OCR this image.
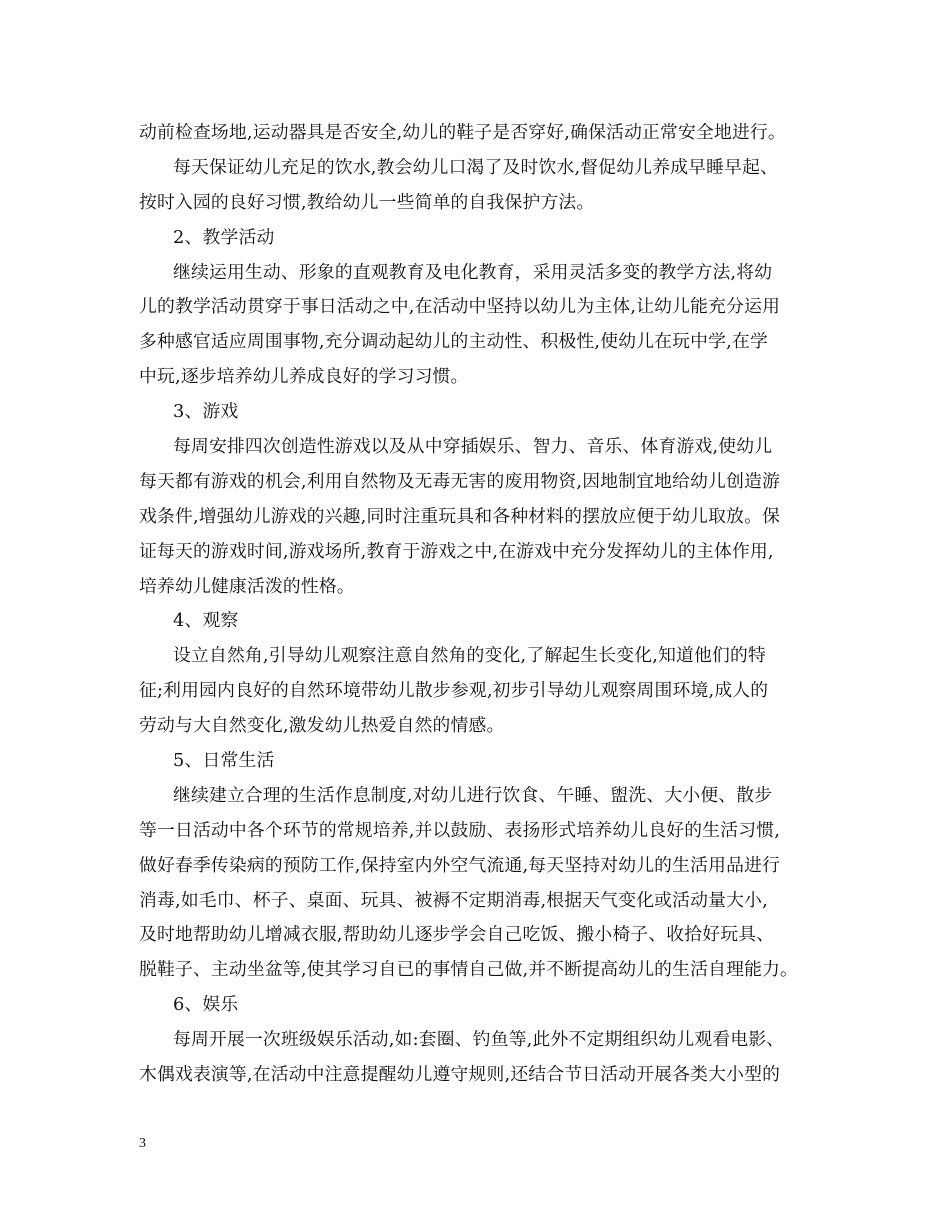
动前检查场地,运动器具是否安全,幼儿的鞋子是否穿好,确保活动正常安全地进行。
每天保证幼儿充足的饮水,教会幼儿口渴了及时饮水,督促幼儿养成早睡早起、
按时入园的良好习惯,教给幼儿一些简单的自我保护方法。
2、教学活动
继续运用生动、形象的直观教育及电化教育，采用灵活多变的教学方法,将幼
儿的教学活动贯穿于事日活动之中,在活动中坚持以幼儿为主体,让幼儿能充分运用
多种感官适应周围事物,充分调动起幼儿的主动性、积极性,使幼儿在玩中学,在学
中玩,逐步培养幼儿养成良好的学习习惯。
3、游戏
每周安排四次创造性游戏以及从中穿插娱乐、智力、音乐、体育游戏,使幼儿
每天都有游戏的机会,利用自然物及无毒无害的废用物资,因地制宜地给幼儿创造游
戏条件,增强幼儿游戏的兴趣,同时注重玩具和各种材料的摆放应便于幼儿取放。保
证每天的游戏时间,游戏场所,教育于游戏之中,在游戏中充分发挥幼儿的主体作用,
培养幼儿健康活泼的性格。
4、观察
设立自然角,引导幼儿观察注意自然角的变化,了解起生长变化,知道他们的特
征;利用园内良好的自然环境带幼儿散步参观,初步引导幼儿观察周围环境,成人的
劳动与大自然变化,激发幼儿热爱自然的情感。
5、日常生活
继续建立合理的生活作息制度,对幼儿进行饮食、午睡、盥洗、大小便、散步
等一日活动中各个环节的常规培养,并以鼓励、表扬形式培养幼儿良好的生活习惯,
做好春季传染病的预防工作,保持室内外空气流通,每天坚持对幼儿的生活用品进行
消毒,如毛巾、杯子、桌面、玩具、被褥不定期消毒,根据天气变化或活动量大小,
及时地帮助幼儿增减衣服,帮助幼儿逐步学会自己吃饭、搬小椅子、收拾好玩具、
脱鞋子、主动坐盆等,使其学习自已的事情自己做,并不断提高幼儿的生活自理能力。
6、娱乐
每周开展一次班级娱乐活动,如:套圈、钓鱼等,此外不定期组织幼儿观看电影、
木偶戏表演等,在活动中注意提醒幼儿遵守规则,还结合节日活动开展各类大小型的
3
